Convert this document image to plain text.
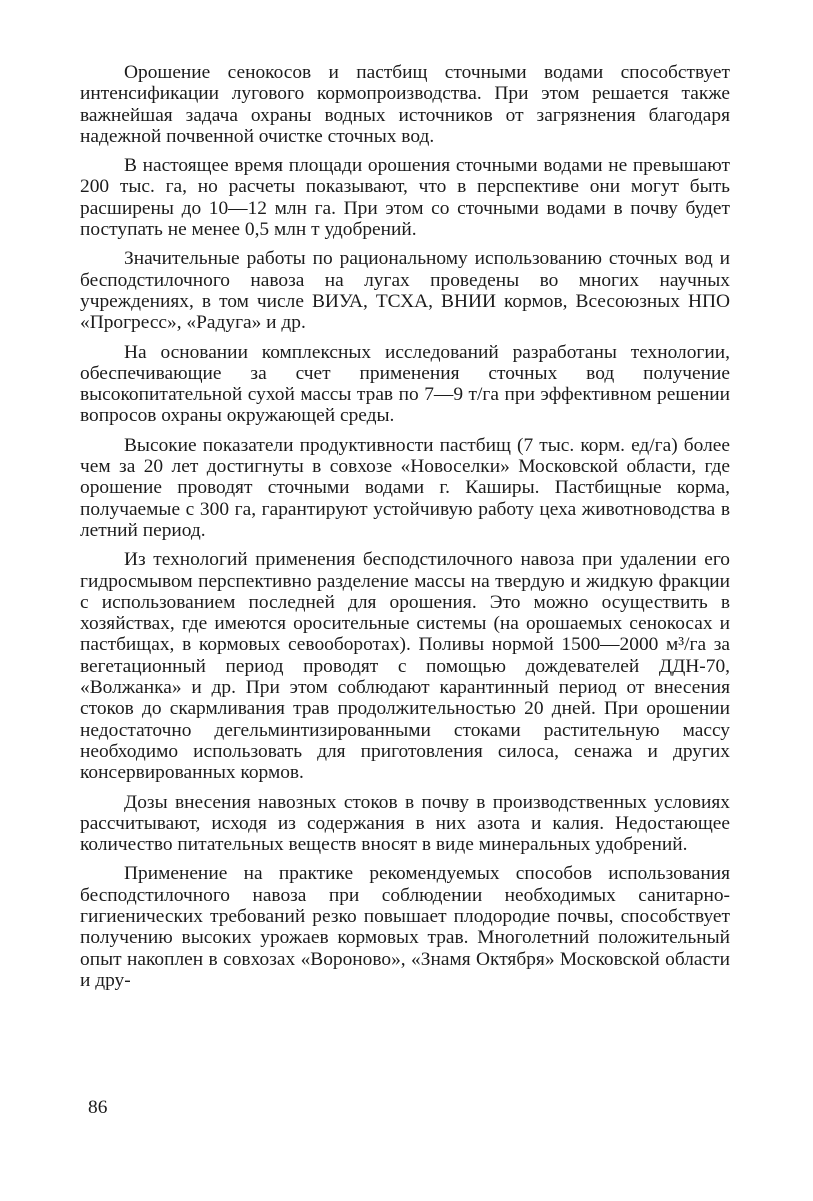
Орошение сенокосов и пастбищ сточными водами способствует интенсификации лугового кормопроизводства. При этом решается также важнейшая задача охраны водных источников от загрязнения благодаря надежной почвенной очистке сточных вод.

В настоящее время площади орошения сточными водами не превышают 200 тыс. га, но расчеты показывают, что в перспективе они могут быть расширены до 10—12 млн га. При этом со сточными водами в почву будет поступать не менее 0,5 млн т удобрений.

Значительные работы по рациональному использованию сточных вод и бесподстилочного навоза на лугах проведены во многих научных учреждениях, в том числе ВИУА, ТСХА, ВНИИ кормов, Всесоюзных НПО «Прогресс», «Радуга» и др.

На основании комплексных исследований разработаны технологии, обеспечивающие за счет применения сточных вод получение высокопитательной сухой массы трав по 7—9 т/га при эффективном решении вопросов охраны окружающей среды.

Высокие показатели продуктивности пастбищ (7 тыс. корм. ед/га) более чем за 20 лет достигнуты в совхозе «Новоселки» Московской области, где орошение проводят сточными водами г. Каширы. Пастбищные корма, получаемые с 300 га, гарантируют устойчивую работу цеха животноводства в летний период.

Из технологий применения бесподстилочного навоза при удалении его гидросмывом перспективно разделение массы на твердую и жидкую фракции с использованием последней для орошения. Это можно осуществить в хозяйствах, где имеются оросительные системы (на орошаемых сенокосах и пастбищах, в кормовых севооборотах). Поливы нормой 1500—2000 м³/га за вегетационный период проводят с помощью дождевателей ДДН-70, «Волжанка» и др. При этом соблюдают карантинный период от внесения стоков до скармливания трав продолжительностью 20 дней. При орошении недостаточно дегельминтизированными стоками растительную массу необходимо использовать для приготовления силоса, сенажа и других консервированных кормов.

Дозы внесения навозных стоков в почву в производственных условиях рассчитывают, исходя из содержания в них азота и калия. Недостающее количество питательных веществ вносят в виде минеральных удобрений.

Применение на практике рекомендуемых способов использования бесподстилочного навоза при соблюдении необходимых санитарно-гигиенических требований резко повышает плодородие почвы, способствует получению высоких урожаев кормовых трав. Многолетний положительный опыт накоплен в совхозах «Вороново», «Знамя Октября» Московской области и дру-

86
